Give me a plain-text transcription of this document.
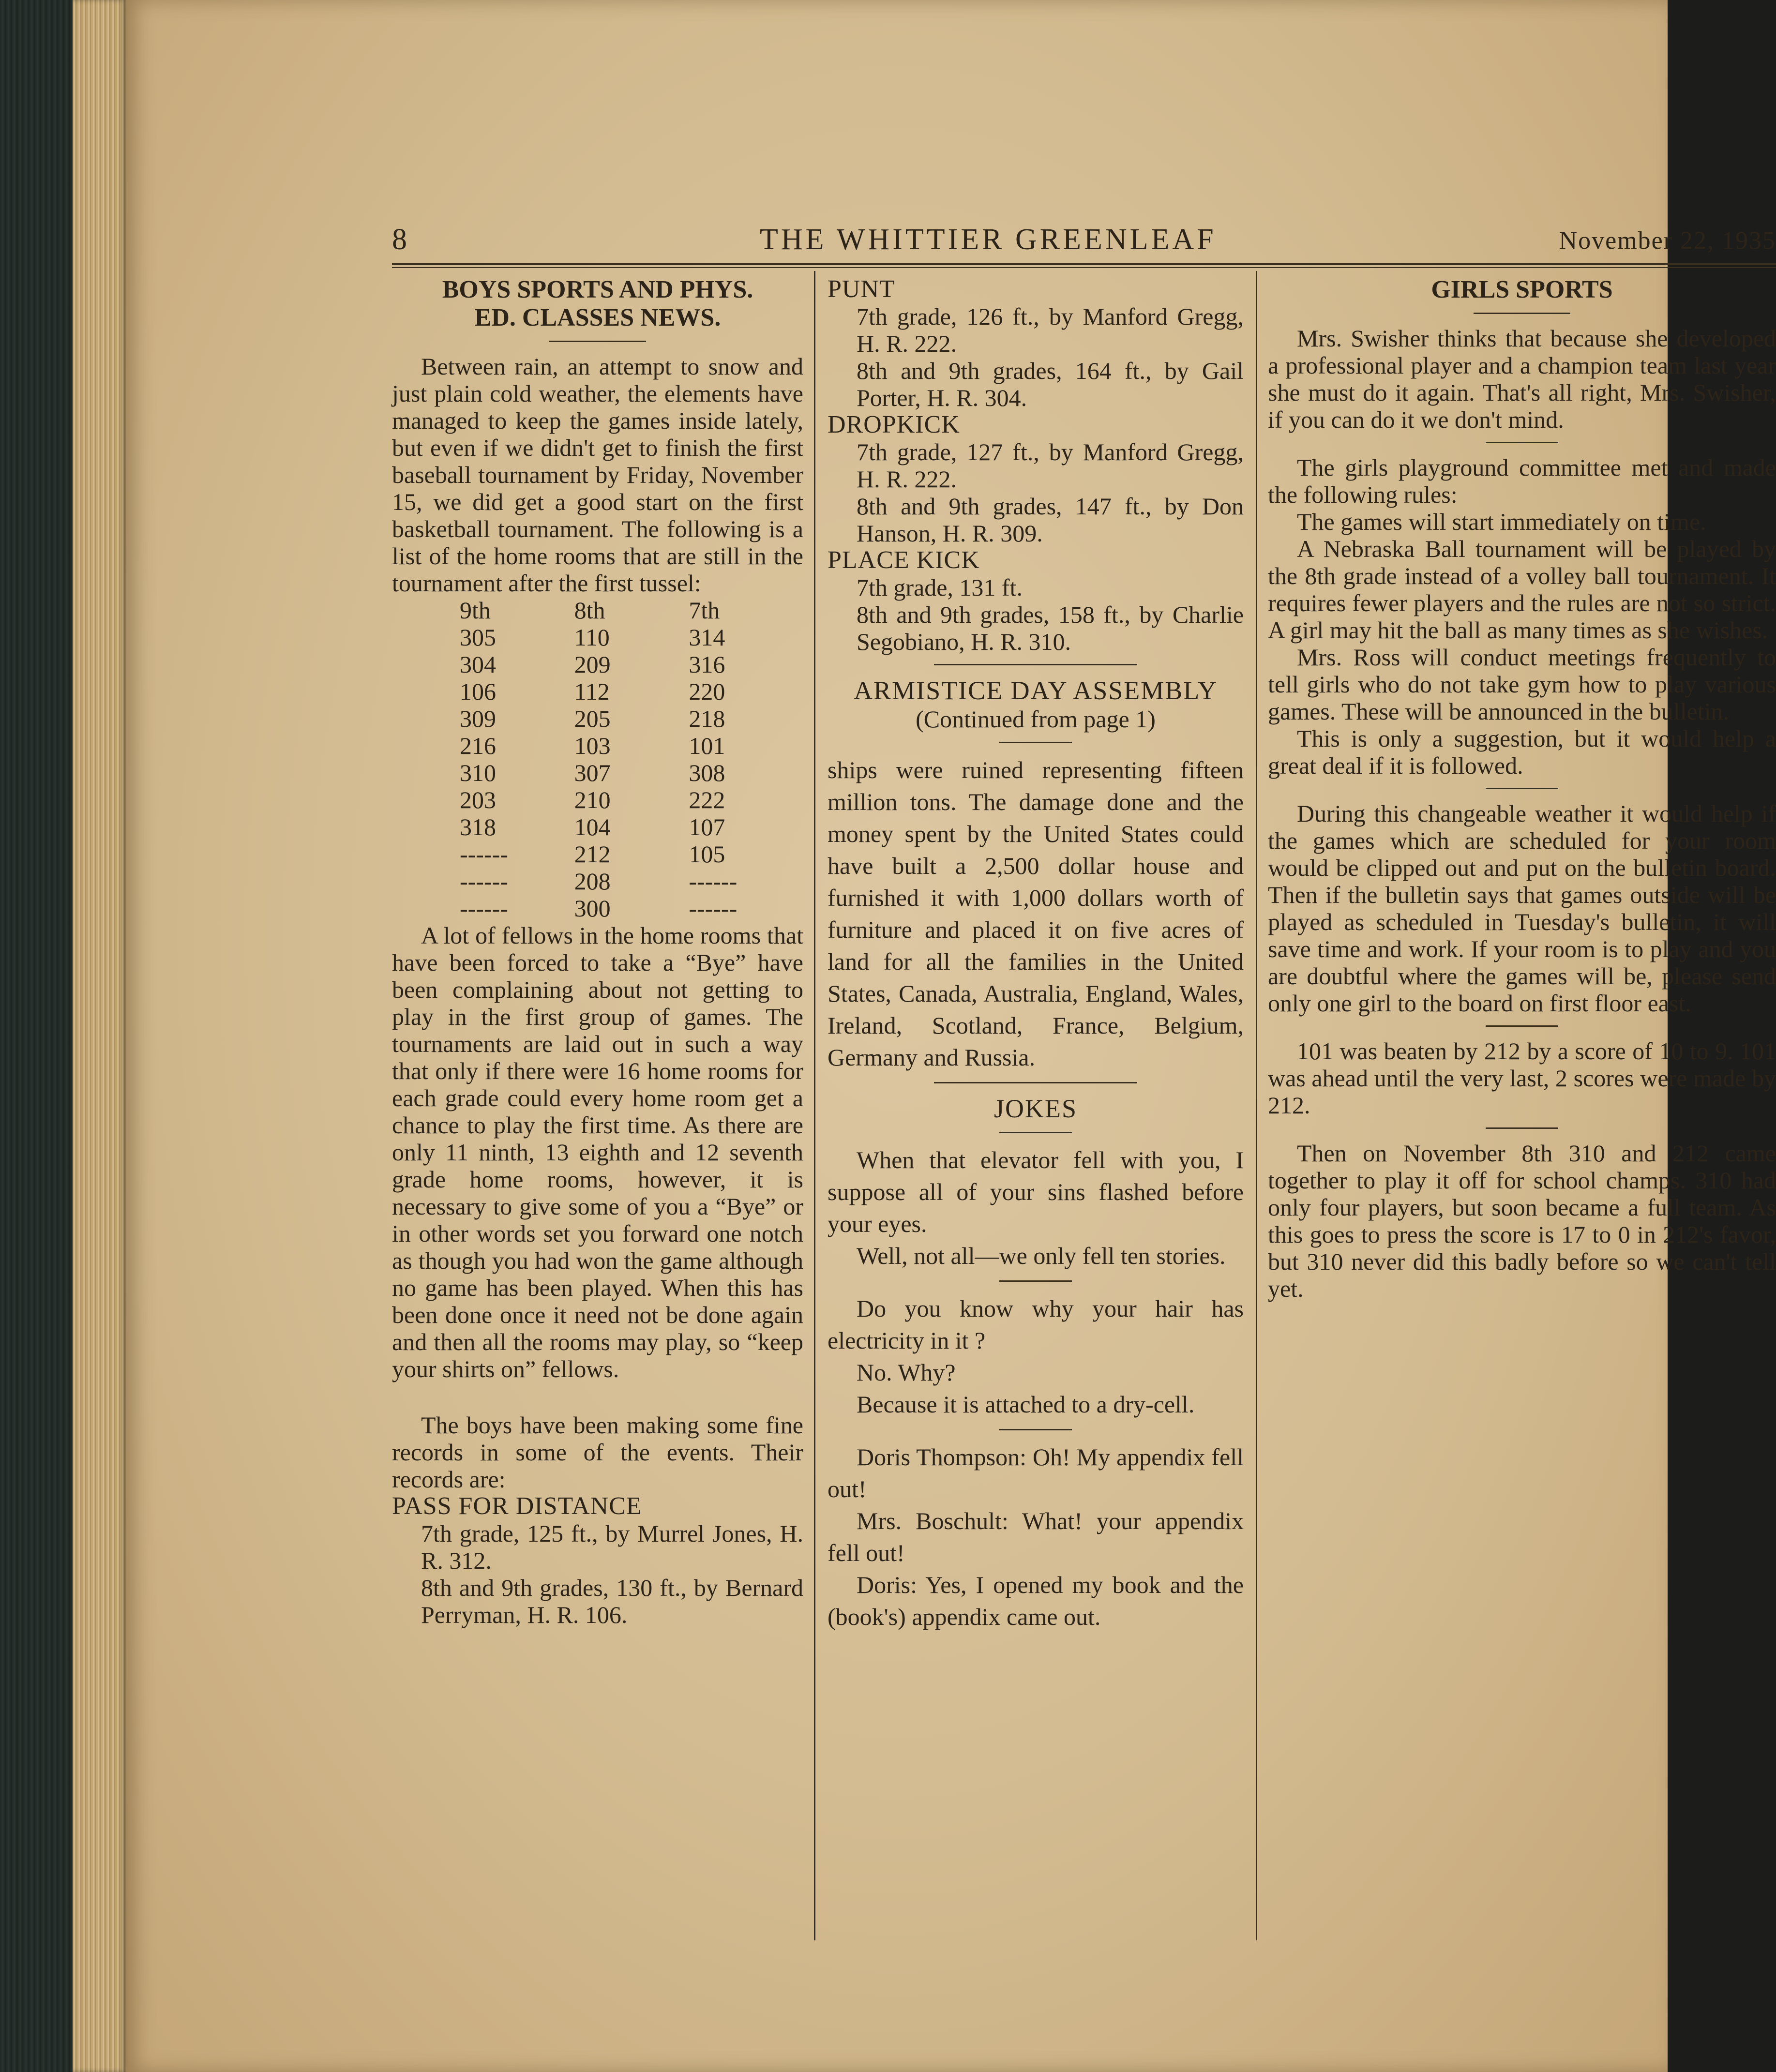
8	THE WHITTIER GREENLEAF	November 22, 1935

BOYS SPORTS AND PHYS.

ED. CLASSES NEWS.

Between rain, an attempt to snow and just plain cold weather, the elements have managed to keep the games inside lately, but even if we didn't get to finish the first baseball tournament by Friday, November 15, we did get a good start on the first basketball tournament. The following is a list of the home rooms that are still in the tournament after the first tussel:

9th	8th	7th
305	110	314
304	209	316
106	112	220
309	205	218
216	103	101
310	307	308
203	210	222
318	104	107
------	212	105
------	208	------
------	300	------

A lot of fellows in the home rooms that have been forced to take a “Bye” have been complaining about not getting to play in the first group of games. The tournaments are laid out in such a way that only if there were 16 home rooms for each grade could every home room get a chance to play the first time. As there are only 11 ninth, 13 eighth and 12 seventh grade home rooms, however, it is necessary to give some of you a “Bye” or in other words set you forward one notch as though you had won the game although no game has been played. When this has been done once it need not be done again and then all the rooms may play, so “keep your shirts on” fellows.

The boys have been making some fine records in some of the events. Their records are:

PASS FOR DISTANCE

7th grade, 125 ft., by Murrel Jones, H. R. 312.

8th and 9th grades, 130 ft., by Bernard Perryman, H. R. 106.

PUNT

7th grade, 126 ft., by Manford Gregg, H. R. 222.

8th and 9th grades, 164 ft., by Gail Porter, H. R. 304.

DROPKICK

7th grade, 127 ft., by Manford Gregg, H. R. 222.

8th and 9th grades, 147 ft., by Don Hanson, H. R. 309.

PLACE KICK

7th grade, 131 ft.

8th and 9th grades, 158 ft., by Charlie Segobiano, H. R. 310.

ARMISTICE DAY ASSEMBLY

(Continued from page 1)

ships were ruined representing fifteen million tons. The damage done and the money spent by the United States could have built a 2,500 dollar house and furnished it with 1,000 dollars worth of furniture and placed it on five acres of land for all the families in the United States, Canada, Australia, England, Wales, Ireland, Scotland, France, Belgium, Germany and Russia.

JOKES

When that elevator fell with you, I suppose all of your sins flashed before your eyes.

Well, not all—we only fell ten stories.

Do you know why your hair has electricity in it ?

No. Why?

Because it is attached to a dry-cell.

Doris Thompson: Oh! My appendix fell out!

Mrs. Boschult: What! your appendix fell out!

Doris: Yes, I opened my book and the (book's) appendix came out.

GIRLS SPORTS

Mrs. Swisher thinks that because she developed a professional player and a champion team last year she must do it again. That's all right, Mrs. Swisher, if you can do it we don't mind.

The girls playground committee met and made the following rules:

The games will start immediately on time.

A Nebraska Ball tournament will be played by the 8th grade instead of a volley ball tournament. It requires fewer players and the rules are not so strict. A girl may hit the ball as many times as she wishes.

Mrs. Ross will conduct meetings frequently to tell girls who do not take gym how to play various games. These will be announced in the bulletin.

This is only a suggestion, but it would help a great deal if it is followed.

During this changeable weather it would help if the games which are scheduled for your room would be clipped out and put on the bulletin board. Then if the bulletin says that games outside will be played as scheduled in Tuesday's bulletin, it will save time and work. If your room is to play and you are doubtful where the games will be, please send only one girl to the board on first floor east.

101 was beaten by 212 by a score of 10 to 9. 101 was ahead until the very last, 2 scores were made by 212.

Then on November 8th 310 and 212 came together to play it off for school champs. 310 had only four players, but soon became a full team. As this goes to press the score is 17 to 0 in 212's favor, but 310 never did this badly before so we can't tell yet.
